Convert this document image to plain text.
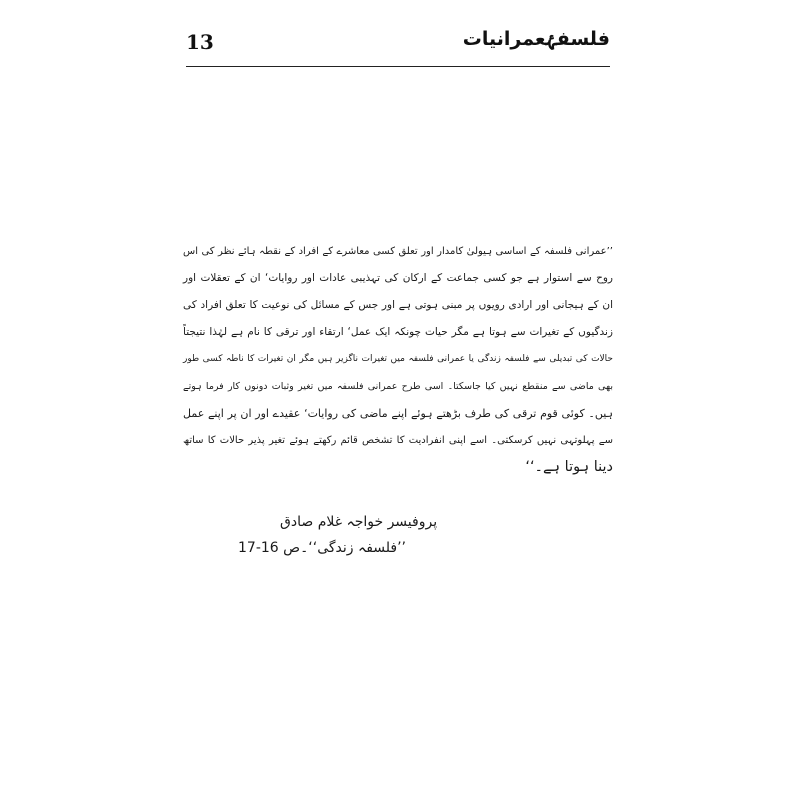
13	فلسفۂعمرانیات
’’عمرانی فلسفہ کے اساسی ہیولیٰ کامدار اور تعلق کسی معاشرے کے افراد کے نقطہ ہائے نظر کی اس
روح سے استوار ہے جو کسی جماعت کے ارکان کی تہذیبی عادات اور روایات‘ ان کے تعقلات اور
ان کے ہیجانی اور ارادی رویوں پر مبنی ہوتی ہے اور جس کے مسائل کی نوعیت کا تعلق افراد کی
زندگیوں کے تغیرات سے ہوتا ہے مگر حیات چونکہ ایک عمل‘ ارتقاء اور ترقی کا نام ہے لہٰذا نتیجتاً
حالات کی تبدیلی سے فلسفہ زندگی یا عمرانی فلسفہ میں تغیرات ناگزیر ہیں مگر ان تغیرات کا ناطہ کسی طور
بھی ماضی سے منقطع نہیں کیا جاسکتا۔ اسی طرح عمرانی فلسفہ میں تغیر وثبات دونوں کار فرما ہوتے
ہیں۔ کوئی قوم ترقی کی طرف بڑھتے ہوئے اپنے ماضی کی روایات‘ عقیدے اور ان پر اپنے عمل
سے پہلوتہی نہیں کرسکتی۔ اسے اپنی انفرادیت کا تشخص قائم رکھتے ہوئے تغیر پذیر حالات کا ساتھ
دینا ہوتا ہے۔‘‘
پروفیسر خواجہ غلام صادق
’’فلسفہ زندگی‘‘۔ص 16-17
